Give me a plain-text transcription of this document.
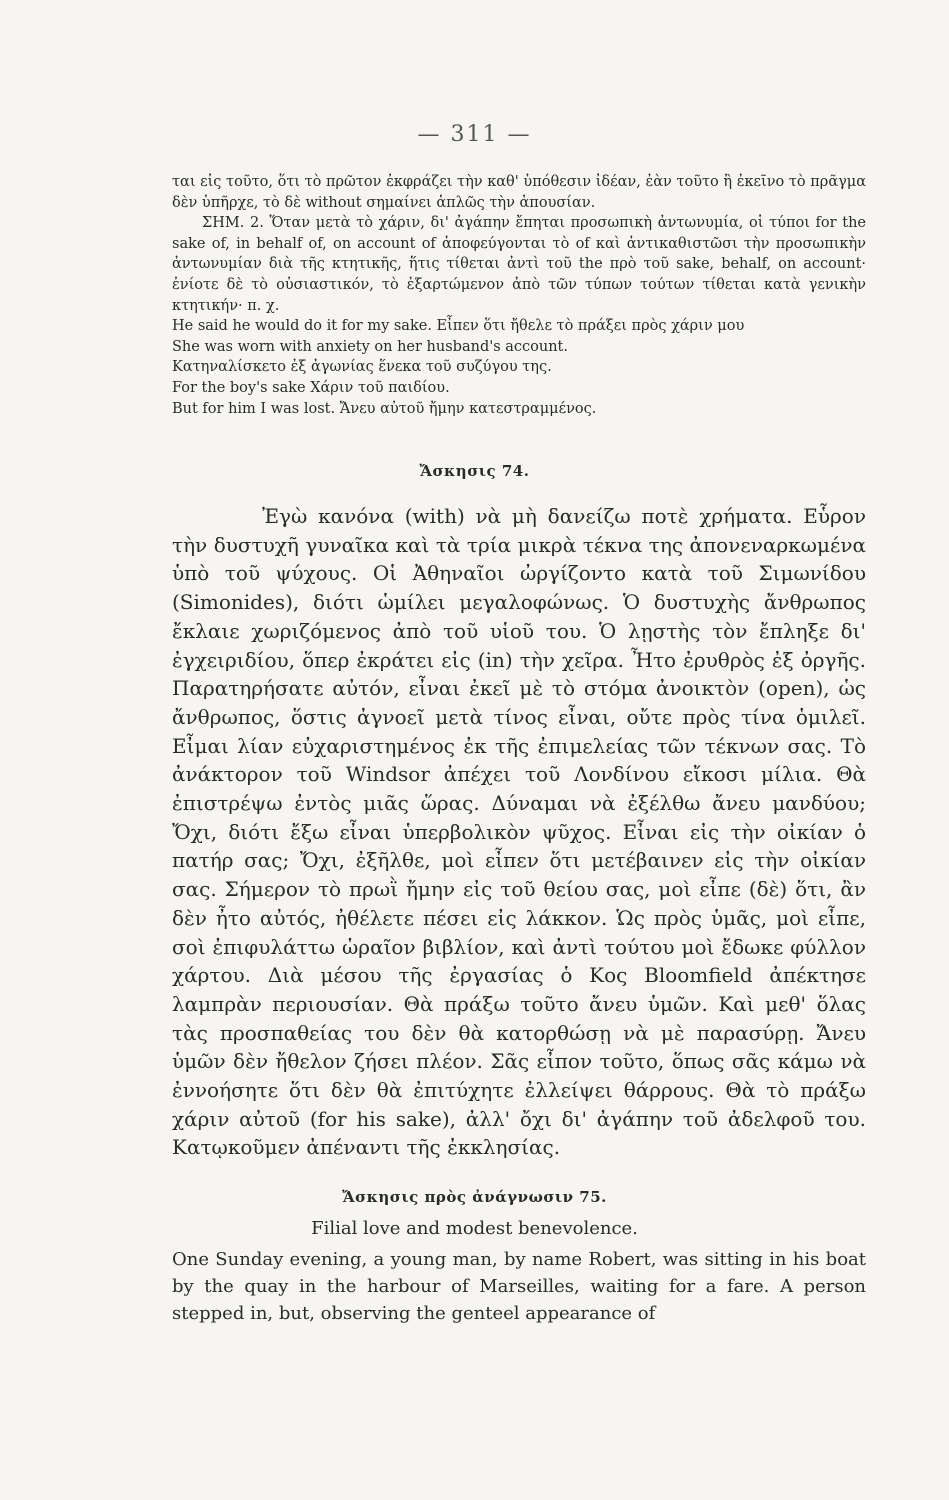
— 311 —

ται εἰς τοῦτο, ὅτι τὸ πρῶτον ἐκφράζει τὴν καθ' ὑπόθεσιν ἰδέαν, ἐὰν τοῦτο ἢ ἐκεῖνο τὸ πρᾶγμα δὲν ὑπῆρχε, τὸ δὲ without σημαίνει ἁπλῶς τὴν ἀπουσίαν.

ΣΗΜ. 2. Ὅταν μετὰ τὸ χάριν, δι' ἀγάπην ἔπηται προσωπικὴ ἀντωνυμία, οἱ τύποι for the sake of, in behalf of, on account of ἀποφεύγονται τὸ of καὶ ἀντικαθιστῶσι τὴν προσωπικὴν ἀντωνυμίαν διὰ τῆς κτητικῆς, ἥτις τίθεται ἀντὶ τοῦ the πρὸ τοῦ sake, behalf, on account· ἐνίοτε δὲ τὸ οὐσιαστικόν, τὸ ἐξαρτώμενον ἀπὸ τῶν τύπων τούτων τίθεται κατὰ γενικὴν κτητικήν· π. χ.

He said he would do it for my sake. Εἶπεν ὅτι ἤθελε τὸ πράξει πρὸς χάριν μου

She was worn with anxiety on her husband's account.

Κατηναλίσκετο ἐξ ἀγωνίας ἕνεκα τοῦ συζύγου της.

For the boy's sake Χάριν τοῦ παιδίου.

But for him I was lost. Ἄνευ αὐτοῦ ἤμην κατεστραμμένος.

Ἄσκησις 74.

Ἐγὼ κανόνα (with) νὰ μὴ δανείζω ποτὲ χρήματα. Εὗρον τὴν δυστυχῆ γυναῖκα καὶ τὰ τρία μικρὰ τέκνα της ἀπονεναρκωμένα ὑπὸ τοῦ ψύχους. Οἱ Ἀθηναῖοι ὠργίζοντο κατὰ τοῦ Σιμωνίδου (Simonides), διότι ὡμίλει μεγαλοφώνως. Ὁ δυστυχὴς ἄνθρωπος ἔκλαιε χωριζόμενος ἀπὸ τοῦ υἱοῦ του. Ὁ λῃστὴς τὸν ἔπληξε δι' ἐγχειριδίου, ὅπερ ἐκράτει εἰς (in) τὴν χεῖρα. Ἦτο ἐρυθρὸς ἐξ ὀργῆς. Παρατηρήσατε αὐτόν, εἶναι ἐκεῖ μὲ τὸ στόμα ἀνοικτὸν (open), ὡς ἄνθρωπος, ὅστις ἀγνοεῖ μετὰ τίνος εἶναι, οὔτε πρὸς τίνα ὁμιλεῖ. Εἶμαι λίαν εὐχαριστημένος ἐκ τῆς ἐπιμελείας τῶν τέκνων σας. Τὸ ἀνάκτορον τοῦ Windsor ἀπέχει τοῦ Λονδίνου εἴκοσι μίλια. Θὰ ἐπιστρέψω ἐντὸς μιᾶς ὥρας. Δύναμαι νὰ ἐξέλθω ἄνευ μανδύου; Ὄχι, διότι ἔξω εἶναι ὑπερβολικὸν ψῦχος. Εἶναι εἰς τὴν οἰκίαν ὁ πατήρ σας; Ὄχι, ἐξῆλθε, μοὶ εἶπεν ὅτι μετέβαινεν εἰς τὴν οἰκίαν σας. Σήμερον τὸ πρωῒ ἤμην εἰς τοῦ θείου σας, μοὶ εἶπε (δὲ) ὅτι, ἂν δὲν ἦτο αὐτός, ἠθέλετε πέσει εἰς λάκκον. Ὡς πρὸς ὑμᾶς, μοὶ εἶπε, σοὶ ἐπιφυλάττω ὡραῖον βιβλίον, καὶ ἀντὶ τούτου μοὶ ἔδωκε φύλλον χάρτου. Διὰ μέσου τῆς ἐργασίας ὁ Κος Bloomfield ἀπέκτησε λαμπρὰν περιουσίαν. Θὰ πράξω τοῦτο ἄνευ ὑμῶν. Καὶ μεθ' ὅλας τὰς προσπαθείας του δὲν θὰ κατορθώσῃ νὰ μὲ παρασύρῃ. Ἄνευ ὑμῶν δὲν ἤθελον ζήσει πλέον. Σᾶς εἶπον τοῦτο, ὅπως σᾶς κάμω νὰ ἐννοήσητε ὅτι δὲν θὰ ἐπιτύχητε ἐλλείψει θάρρους. Θὰ τὸ πράξω χάριν αὐτοῦ (for his sake), ἀλλ' ὄχι δι' ἀγάπην τοῦ ἀδελφοῦ του. Κατῳκοῦμεν ἀπέναντι τῆς ἐκκλησίας.

Ἄσκησις πρὸς ἀνάγνωσιν 75.
Filial love and modest benevolence.

One Sunday evening, a young man, by name Robert, was sitting in his boat by the quay in the harbour of Marseilles, waiting for a fare. A person stepped in, but, observing the genteel appearance of
